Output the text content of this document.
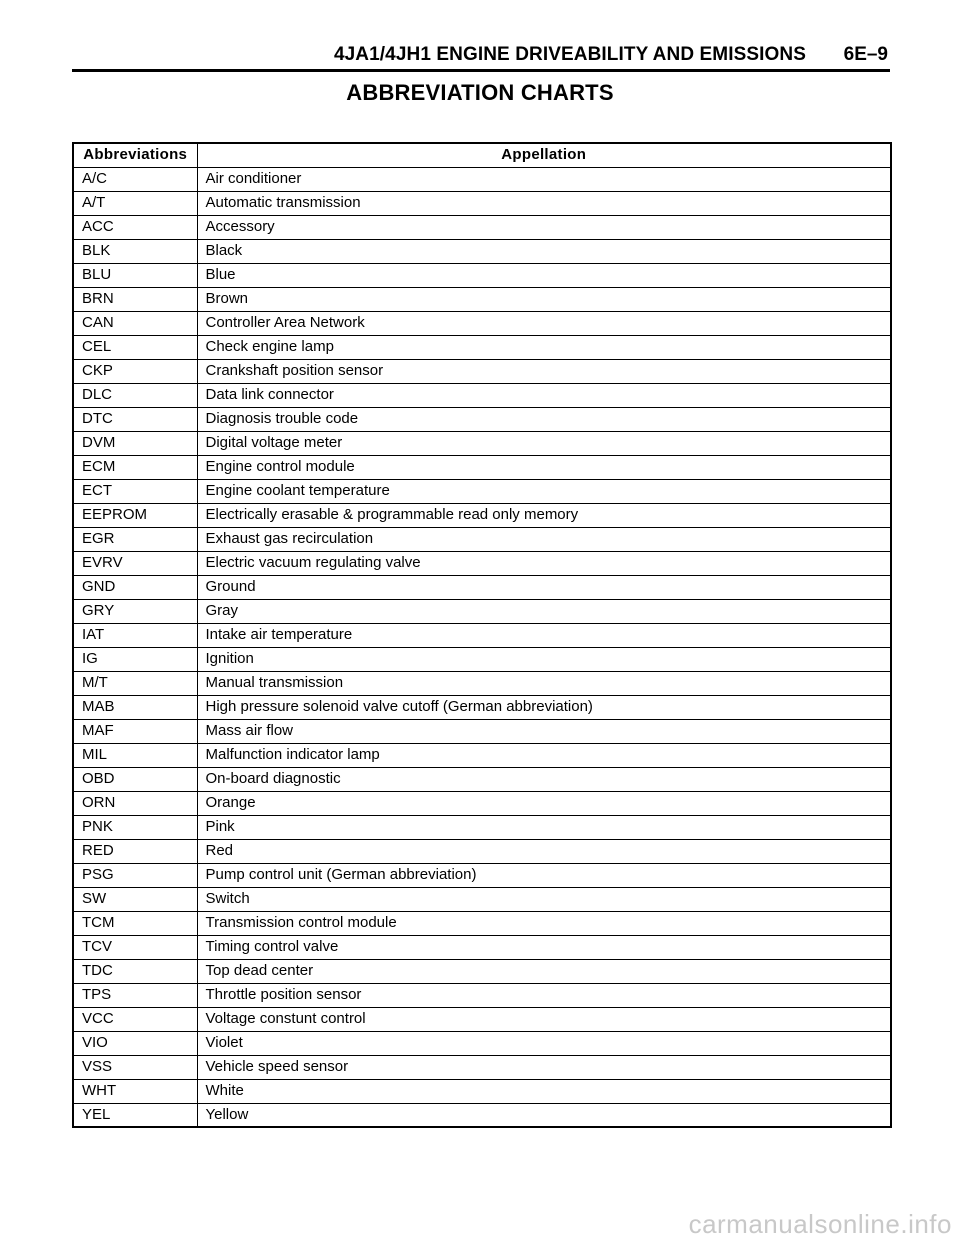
4JA1/4JH1 ENGINE DRIVEABILITY AND EMISSIONS 6E–9
ABBREVIATION CHARTS
Abbreviations	Appellation
A/C	Air conditioner
A/T	Automatic transmission
ACC	Accessory
BLK	Black
BLU	Blue
BRN	Brown
CAN	Controller Area Network
CEL	Check engine lamp
CKP	Crankshaft position sensor
DLC	Data link connector
DTC	Diagnosis trouble code
DVM	Digital voltage meter
ECM	Engine control module
ECT	Engine coolant temperature
EEPROM	Electrically erasable & programmable read only memory
EGR	Exhaust gas recirculation
EVRV	Electric vacuum regulating valve
GND	Ground
GRY	Gray
IAT	Intake air temperature
IG	Ignition
M/T	Manual transmission
MAB	High pressure solenoid valve cutoff (German abbreviation)
MAF	Mass air flow
MIL	Malfunction indicator lamp
OBD	On-board diagnostic
ORN	Orange
PNK	Pink
RED	Red
PSG	Pump control unit (German abbreviation)
SW	Switch
TCM	Transmission control module
TCV	Timing control valve
TDC	Top dead center
TPS	Throttle position sensor
VCC	Voltage constunt control
VIO	Violet
VSS	Vehicle speed sensor
WHT	White
YEL	Yellow
carmanualsonline.info
